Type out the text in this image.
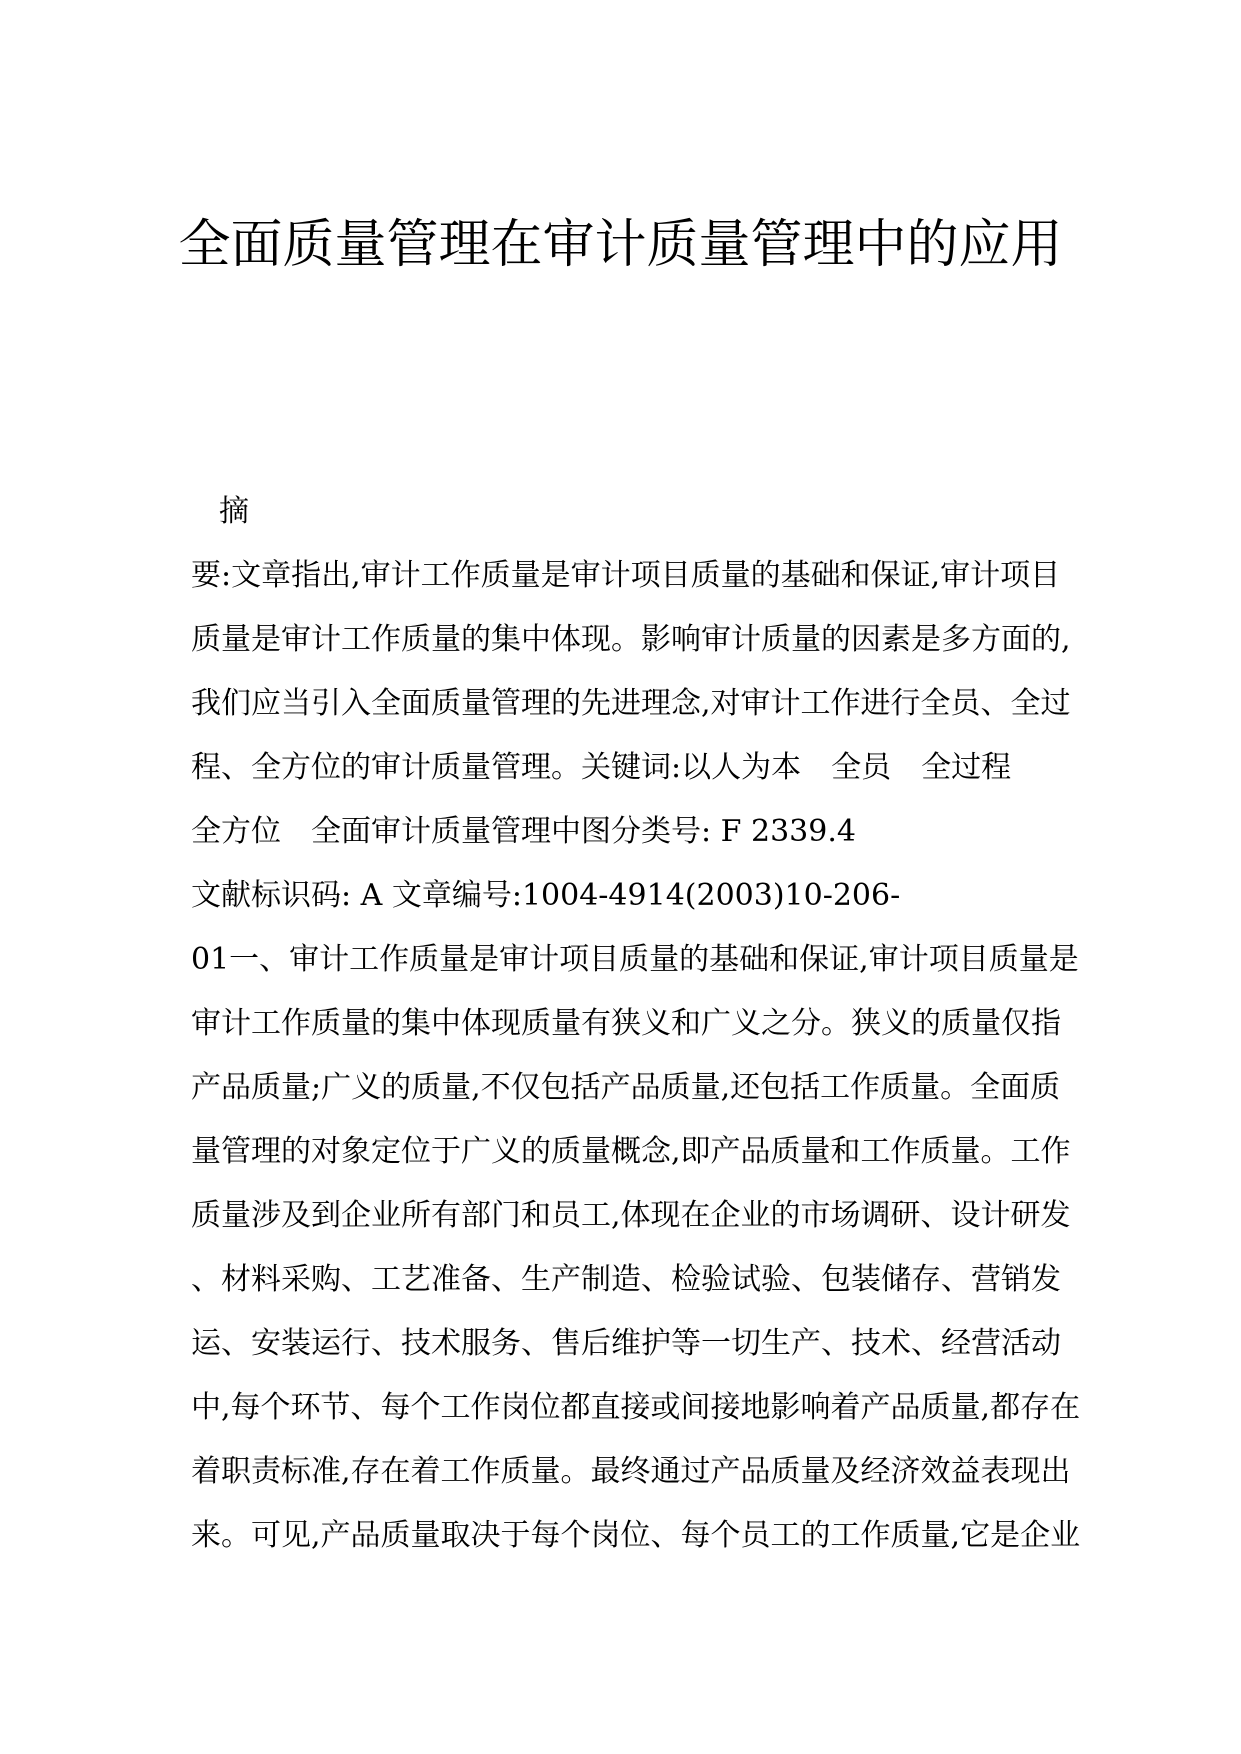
全面质量管理在审计质量管理中的应用
摘
要:文章指出,审计工作质量是审计项目质量的基础和保证,审计项目
质量是审计工作质量的集中体现。影响审计质量的因素是多方面的,
我们应当引入全面质量管理的先进理念,对审计工作进行全员、全过
程、全方位的审计质量管理。关键词:以人为本　全员　全过程
全方位　全面审计质量管理中图分类号: F 2339.4
文献标识码: A 文章编号:1004-4914(2003)10-206-
01一、审计工作质量是审计项目质量的基础和保证,审计项目质量是
审计工作质量的集中体现质量有狭义和广义之分。狭义的质量仅指
产品质量;广义的质量,不仅包括产品质量,还包括工作质量。全面质
量管理的对象定位于广义的质量概念,即产品质量和工作质量。工作
质量涉及到企业所有部门和员工,体现在企业的市场调研、设计研发
、材料采购、工艺准备、生产制造、检验试验、包装储存、营销发
运、安装运行、技术服务、售后维护等一切生产、技术、经营活动
中,每个环节、每个工作岗位都直接或间接地影响着产品质量,都存在
着职责标准,存在着工作质量。最终通过产品质量及经济效益表现出
来。可见,产品质量取决于每个岗位、每个员工的工作质量,它是企业
